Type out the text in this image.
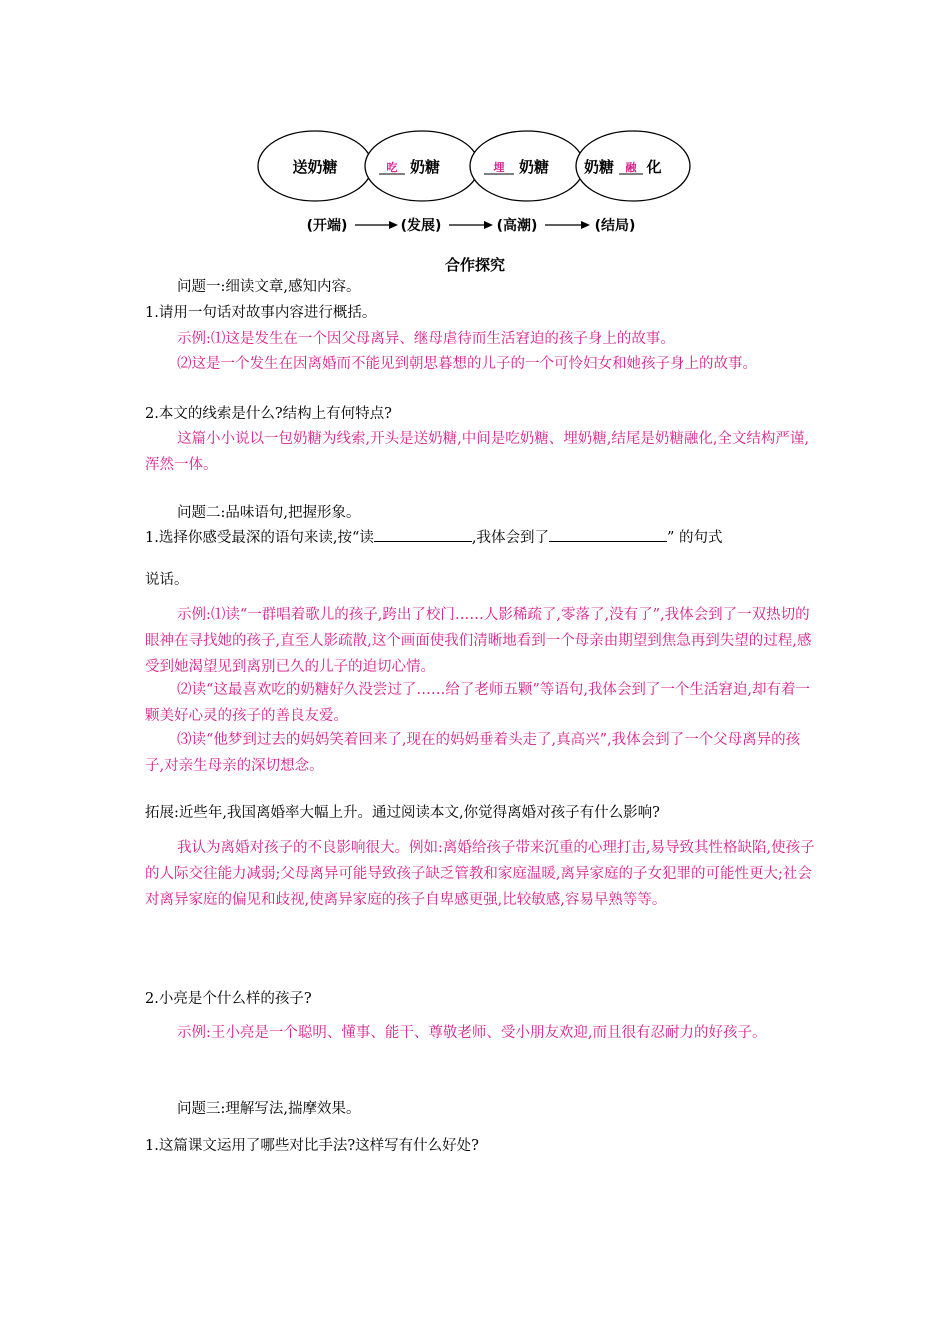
送奶糖	吃 奶糖	埋 奶糖 奶糖 融 化
(开端)	(发展)	(高潮)	(结局)
合作探究

问题一:细读文章,感知内容。

1.请用一句话对故事内容进行概括。

示例:⑴这是发生在一个因父母离异、继母虐待而生活窘迫的孩子身上的故事。

⑵这是一个发生在因离婚而不能见到朝思暮想的儿子的一个可怜妇女和她孩子身上的故事。

2.本文的线索是什么?结构上有何特点?

这篇小小说以一包奶糖为线索,开头是送奶糖,中间是吃奶糖、埋奶糖,结尾是奶糖融化,全文结构严谨,浑然一体。

问题二:品味语句,把握形象。

1.选择你感受最深的语句来读,按“读	,我体会到了	” 的句式

说话。

示例:⑴读“一群唱着歌儿的孩子,跨出了校门……人影稀疏了,零落了,没有了”,我体会到了一双热切的眼神在寻找她的孩子,直至人影疏散,这个画面使我们清晰地看到一个母亲由期望到焦急再到失望的过程,感受到她渴望见到离别已久的儿子的迫切心情。

⑵读“这最喜欢吃的奶糖好久没尝过了……给了老师五颗”等语句,我体会到了一个生活窘迫,却有着一颗美好心灵的孩子的善良友爱。

⑶读“他梦到过去的妈妈笑着回来了,现在的妈妈垂着头走了,真高兴”,我体会到了一个父母离异的孩子,对亲生母亲的深切想念。

拓展:近些年,我国离婚率大幅上升。通过阅读本文,你觉得离婚对孩子有什么影响?

我认为离婚对孩子的不良影响很大。例如:离婚给孩子带来沉重的心理打击,易导致其性格缺陷,使孩子的人际交往能力减弱;父母离异可能导致孩子缺乏管教和家庭温暖,离异家庭的子女犯罪的可能性更大;社会对离异家庭的偏见和歧视,使离异家庭的孩子自卑感更强,比较敏感,容易早熟等等。

2.小亮是个什么样的孩子?

示例:王小亮是一个聪明、懂事、能干、尊敬老师、受小朋友欢迎,而且很有忍耐力的好孩子。

问题三:理解写法,揣摩效果。

1.这篇课文运用了哪些对比手法?这样写有什么好处?
